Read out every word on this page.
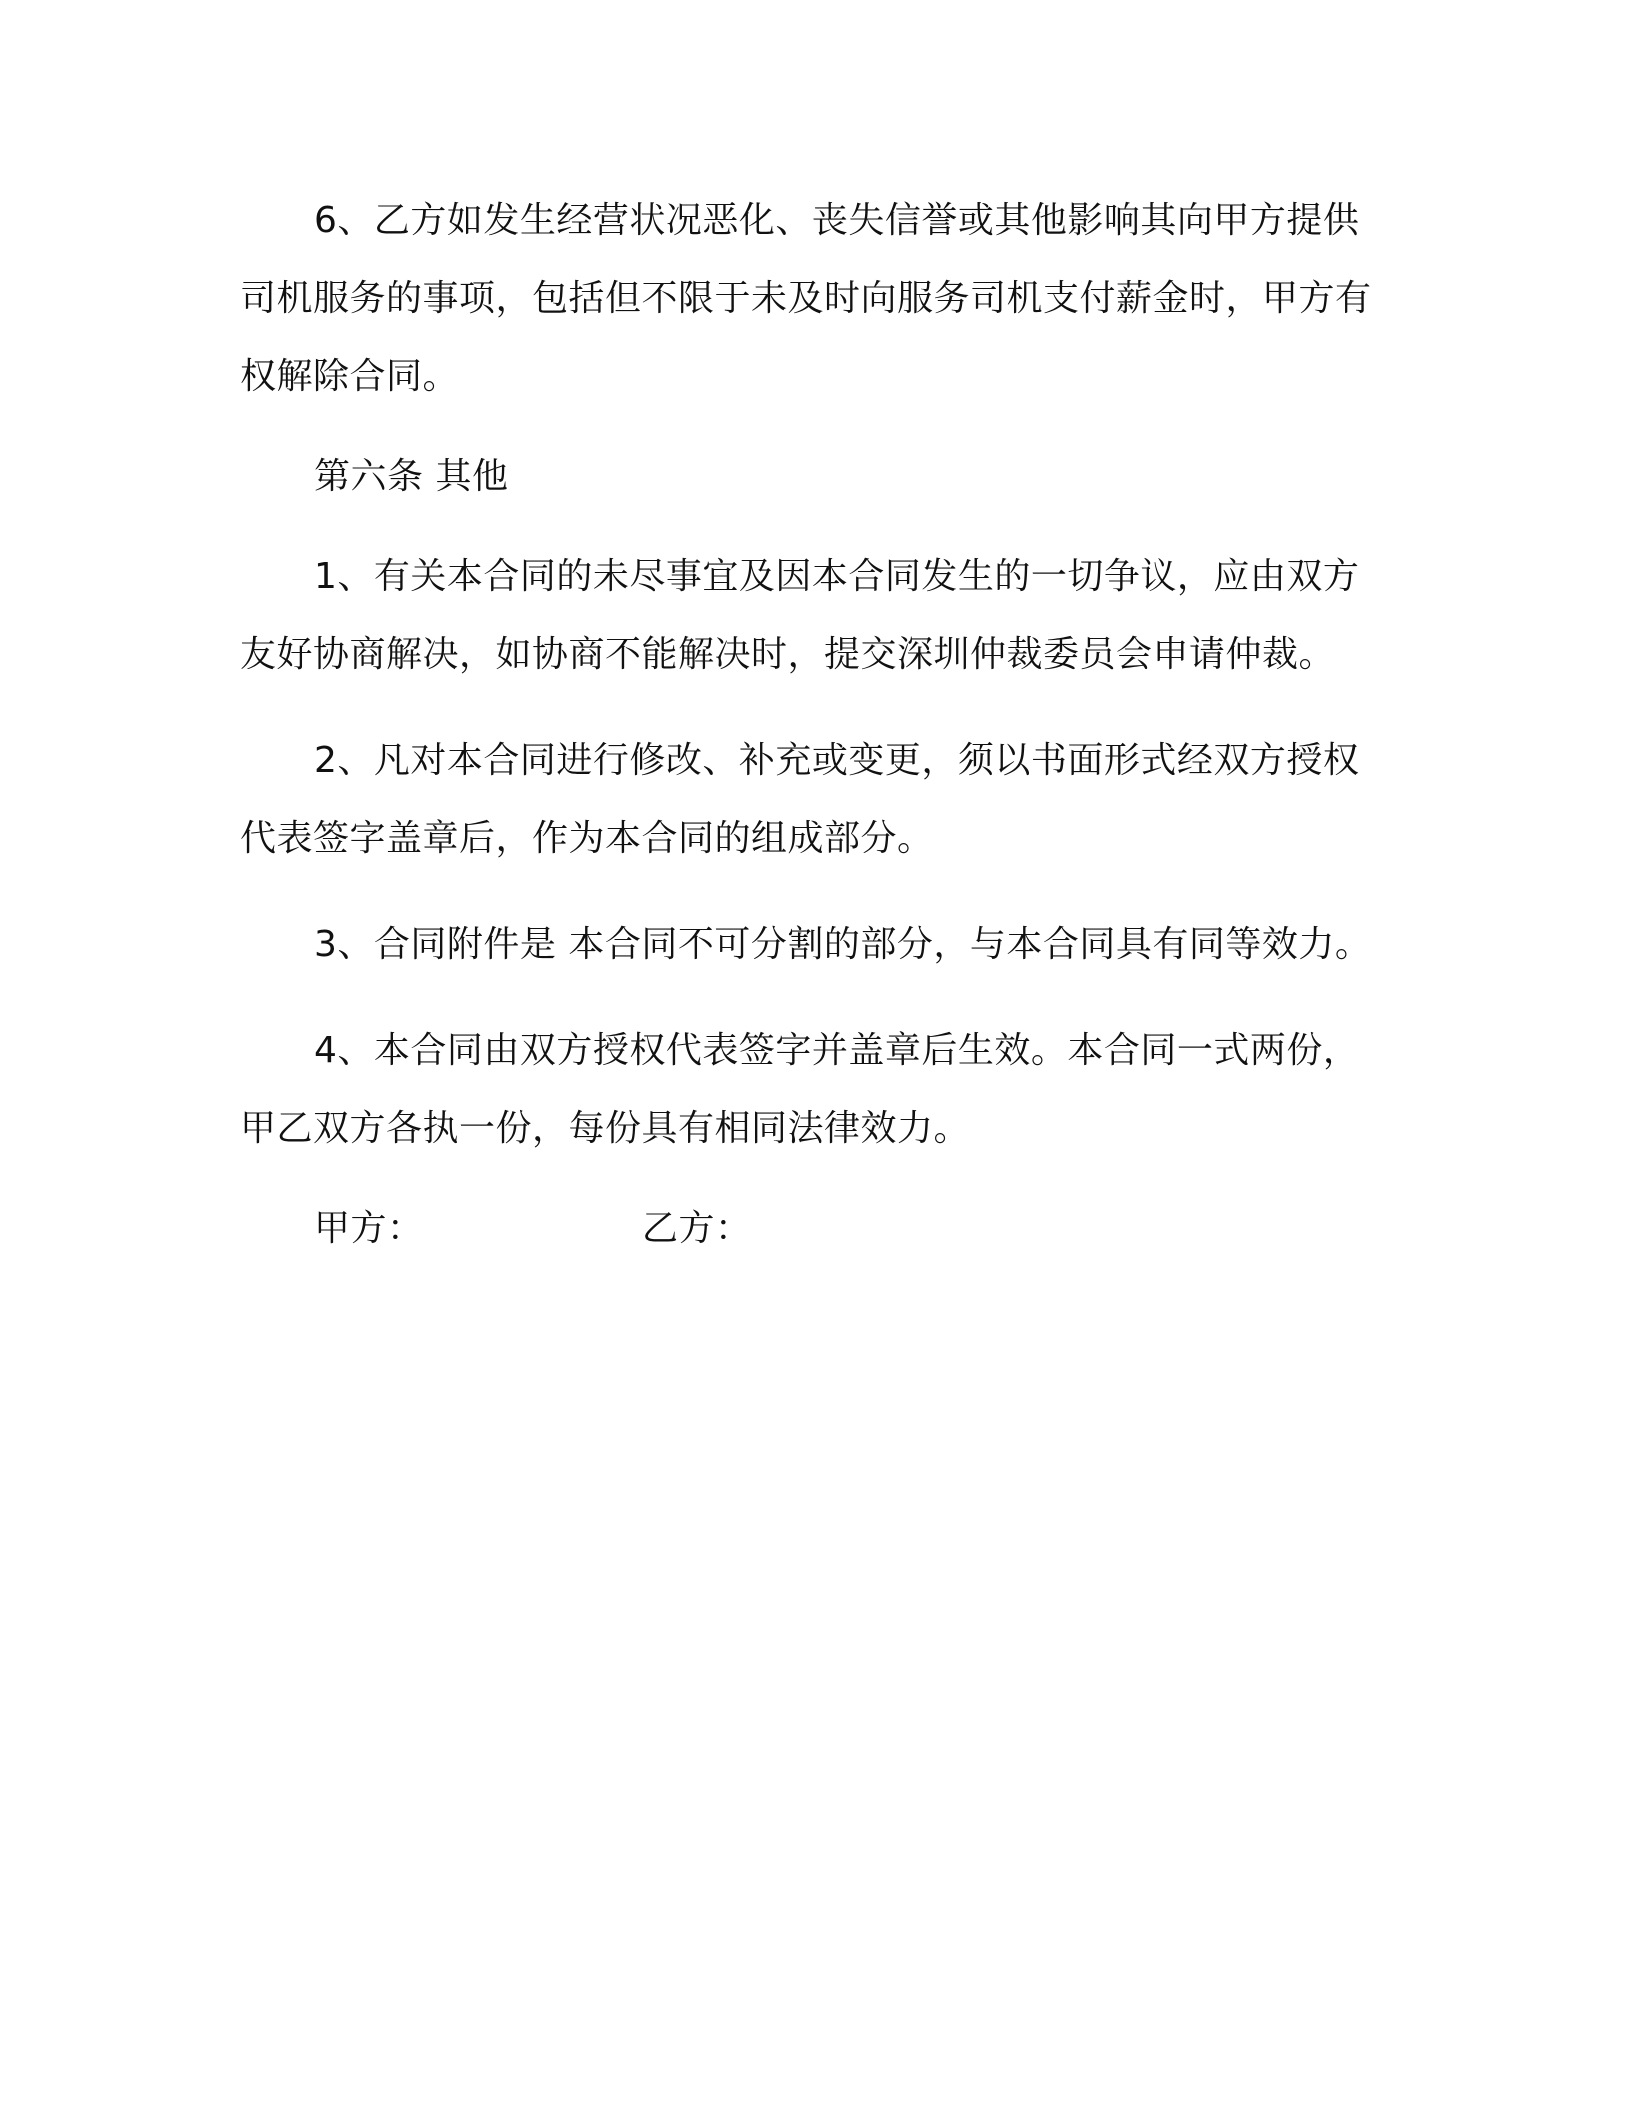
6、乙方如发生经营状况恶化、丧失信誉或其他影响其向甲方提供司机服务的事项，包括但不限于未及时向服务司机支付薪金时，甲方有权解除合同。

第六条 其他

1、有关本合同的未尽事宜及因本合同发生的一切争议，应由双方友好协商解决，如协商不能解决时，提交深圳仲裁委员会申请仲裁。

2、凡对本合同进行修改、补充或变更，须以书面形式经双方授权代表签字盖章后，作为本合同的组成部分。

3、合同附件是 本合同不可分割的部分，与本合同具有同等效力。

4、本合同由双方授权代表签字并盖章后生效。本合同一式两份，甲乙双方各执一份，每份具有相同法律效力。

甲方：	乙方：
